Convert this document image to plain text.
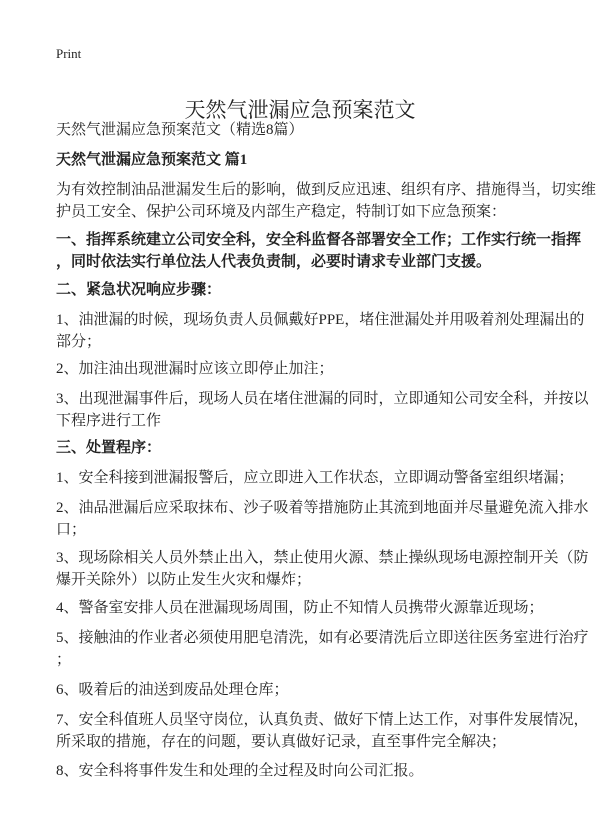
Print
天然气泄漏应急预案范文
天然气泄漏应急预案范文（精选8篇）
天然气泄漏应急预案范文 篇1
为有效控制油品泄漏发生后的影响，做到反应迅速、组织有序、措施得当，切实维
护员工安全、保护公司环境及内部生产稳定，特制订如下应急预案：
一、指挥系统建立公司安全科，安全科监督各部署安全工作；工作实行统一指挥
，同时依法实行单位法人代表负责制，必要时请求专业部门支援。
二、紧急状况响应步骤：
1、油泄漏的时候，现场负责人员佩戴好PPE，堵住泄漏处并用吸着剂处理漏出的
部分；
2、加注油出现泄漏时应该立即停止加注；
3、出现泄漏事件后，现场人员在堵住泄漏的同时，立即通知公司安全科，并按以
下程序进行工作
三、处置程序：
1、安全科接到泄漏报警后，应立即进入工作状态，立即调动警备室组织堵漏；
2、油品泄漏后应采取抹布、沙子吸着等措施防止其流到地面并尽量避免流入排水
口；
3、现场除相关人员外禁止出入，禁止使用火源、禁止操纵现场电源控制开关（防
爆开关除外）以防止发生火灾和爆炸；
4、警备室安排人员在泄漏现场周围，防止不知情人员携带火源靠近现场；
5、接触油的作业者必须使用肥皂清洗，如有必要清洗后立即送往医务室进行治疗
；
6、吸着后的油送到废品处理仓库；
7、安全科值班人员坚守岗位，认真负责、做好下情上达工作，对事件发展情况，
所采取的措施，存在的问题，要认真做好记录，直至事件完全解决；
8、安全科将事件发生和处理的全过程及时向公司汇报。
